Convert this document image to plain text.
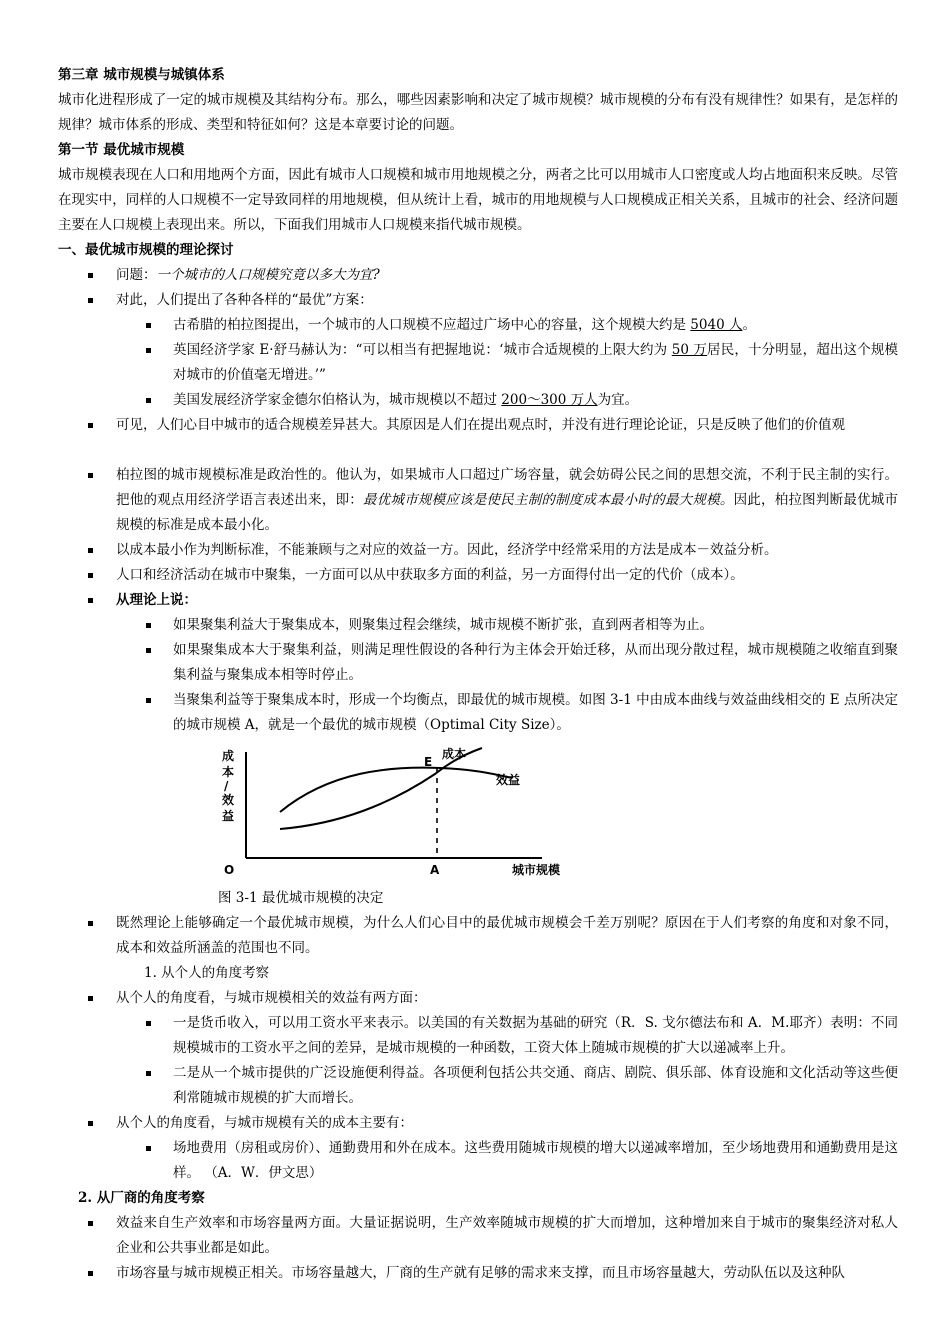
第三章 城市规模与城镇体系
城市化进程形成了一定的城市规模及其结构分布。那么，哪些因素影响和决定了城市规模？城市规模的分布有没有规律性？如果有，是怎样的规律？城市体系的形成、类型和特征如何？这是本章要讨论的问题。
第一节 最优城市规模
城市规模表现在人口和用地两个方面，因此有城市人口规模和城市用地规模之分，两者之比可以用城市人口密度或人均占地面积来反映。尽管在现实中，同样的人口规模不一定导致同样的用地规模，但从统计上看，城市的用地规模与人口规模成正相关关系，且城市的社会、经济问题主要在人口规模上表现出来。所以，下面我们用城市人口规模来指代城市规模。
一、最优城市规模的理论探讨
问题：一个城市的人口规模究竟以多大为宜?
对此，人们提出了各种各样的“最优”方案：
古希腊的柏拉图提出，一个城市的人口规模不应超过广场中心的容量，这个规模大约是 5040 人。
英国经济学家 E·舒马赫认为：“可以相当有把握地说：‘城市合适规模的上限大约为 50 万居民，十分明显，超出这个规模对城市的价值毫无增进。’”
美国发展经济学家金德尔伯格认为，城市规模以不超过 200～300 万人为宜。
可见，人们心目中城市的适合规模差异甚大。其原因是人们在提出观点时，并没有进行理论论证，只是反映了他们的价值观
柏拉图的城市规模标准是政治性的。他认为，如果城市人口超过广场容量，就会妨碍公民之间的思想交流，不利于民主制的实行。把他的观点用经济学语言表述出来，即：最优城市规模应该是使民主制的制度成本最小时的最大规模。因此，柏拉图判断最优城市规模的标准是成本最小化。
以成本最小作为判断标准，不能兼顾与之对应的效益一方。因此，经济学中经常采用的方法是成本－效益分析。
人口和经济活动在城市中聚集，一方面可以从中获取多方面的利益，另一方面得付出一定的代价（成本）。
从理论上说：
如果聚集利益大于聚集成本，则聚集过程会继续，城市规模不断扩张，直到两者相等为止。
如果聚集成本大于聚集利益，则满足理性假设的各种行为主体会开始迁移，从而出现分散过程，城市规模随之收缩直到聚集利益与聚集成本相等时停止。
当聚集利益等于聚集成本时，形成一个均衡点，即最优的城市规模。如图 3-1 中由成本曲线与效益曲线相交的 E 点所决定的城市规模 A，就是一个最优的城市规模（Optimal City Size）。
成
本
/
效
益
成本
E
效益
O	A	城市规模
图 3-1 最优城市规模的决定
既然理论上能够确定一个最优城市规模，为什么人们心目中的最优城市规模会千差万别呢？原因在于人们考察的角度和对象不同，成本和效益所涵盖的范围也不同。
1. 从个人的角度考察
从个人的角度看，与城市规模相关的效益有两方面：
一是货币收入，可以用工资水平来表示。以美国的有关数据为基础的研究（R．S. 戈尔德法布和 A．M.耶齐）表明：不同规模城市的工资水平之间的差异，是城市规模的一种函数，工资大体上随城市规模的扩大以递减率上升。
二是从一个城市提供的广泛设施便利得益。各项便利包括公共交通、商店、剧院、俱乐部、体育设施和文化活动等这些便利常随城市规模的扩大而增长。
从个人的角度看，与城市规模有关的成本主要有：
场地费用（房租或房价）、通勤费用和外在成本。这些费用随城市规模的增大以递减率增加，至少场地费用和通勤费用是这样。 （A．W．伊文思）
2. 从厂商的角度考察
效益来自生产效率和市场容量两方面。大量证据说明，生产效率随城市规模的扩大而增加，这种增加来自于城市的聚集经济对私人企业和公共事业都是如此。
市场容量与城市规模正相关。市场容量越大，厂商的生产就有足够的需求来支撑，而且市场容量越大，劳动队伍以及这种队
